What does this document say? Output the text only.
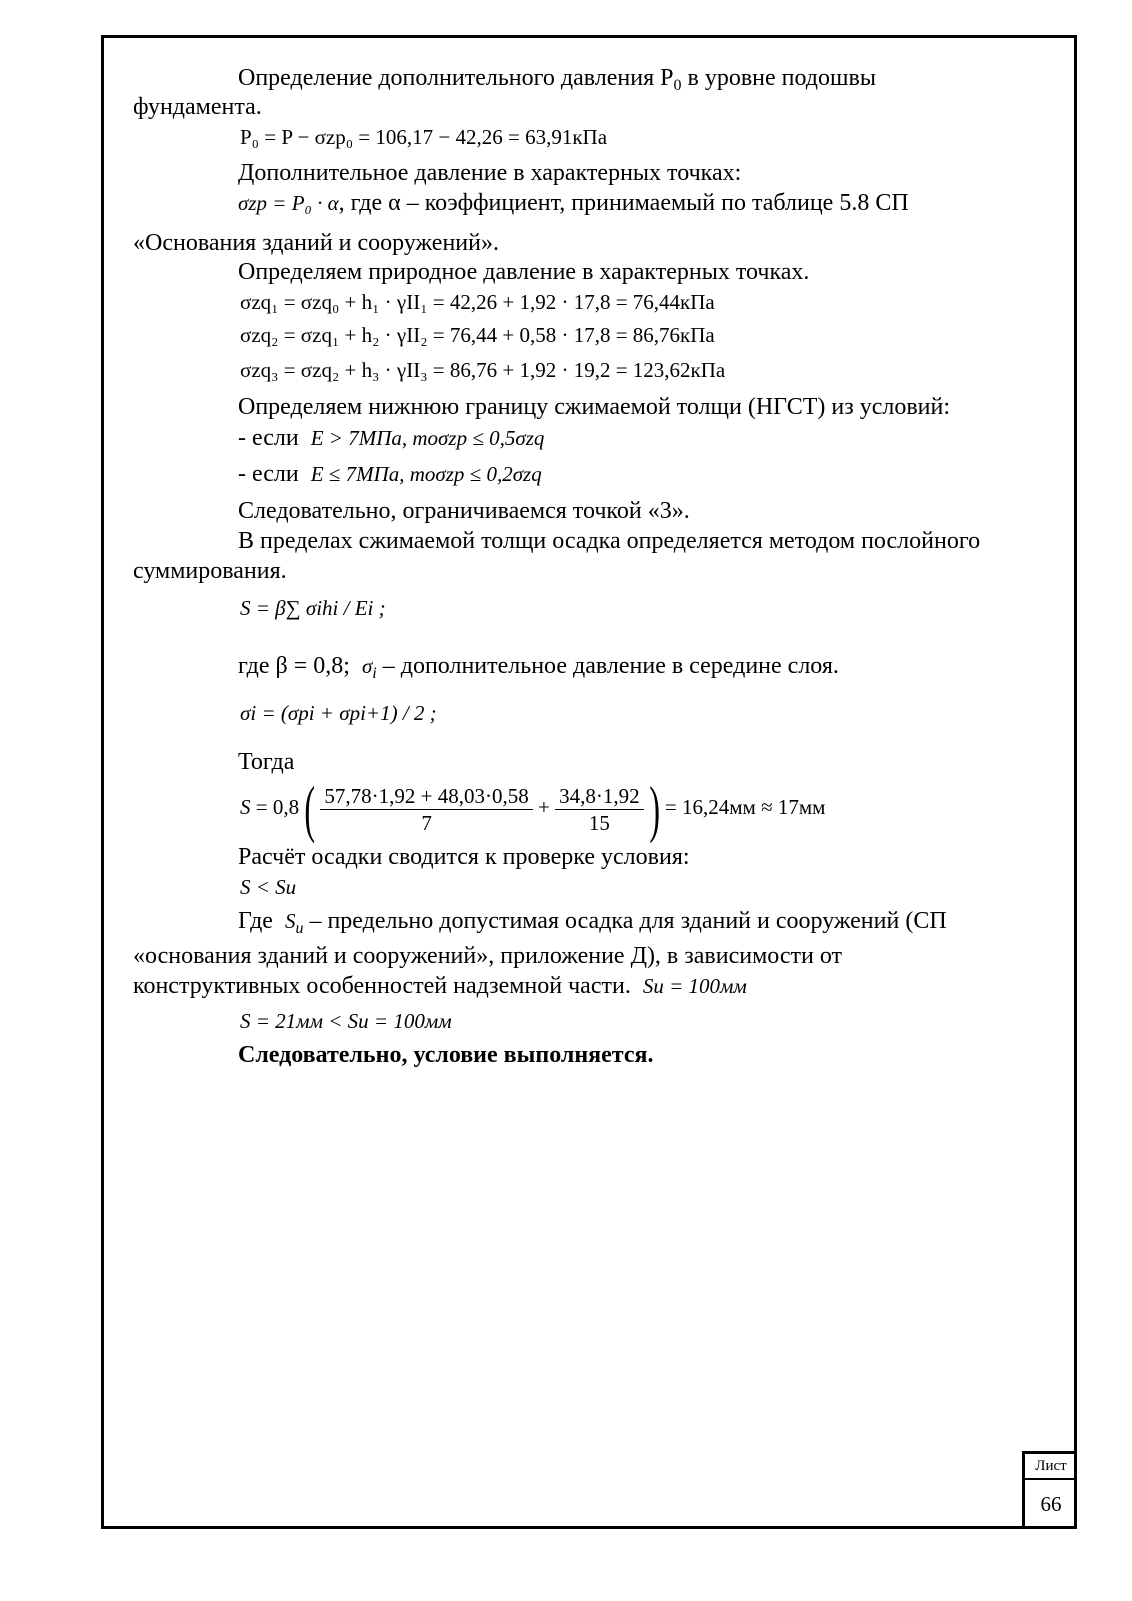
Определение дополнительного давления $P_0$ в уровне подошвы
фундамента.
P₀ = P − σzp₀ = 106,17 − 42,26 = 63,91кПа
Дополнительное давление в характерных точках:
σzp = P₀ · α, где α – коэффициент, принимаемый по таблице 5.8 СП
«Основания зданий и сооружений».
Определяем природное давление в характерных точках.
σzq₁ = σzq₀ + h₁ · γII₁ = 42,26 + 1,92 · 17,8 = 76,44кПа
σzq₂ = σzq₁ + h₂ · γII₂ = 76,44 + 0,58 · 17,8 = 86,76кПа
σzq₃ = σzq₂ + h₃ · γII₃ = 86,76 + 1,92 · 19,2 = 123,62кПа
Определяем нижнюю границу сжимаемой толщи (НГСТ) из условий:
- если E > 7МПа, тоσzp ≤ 0,5σzq
- если E ≤ 7МПа, тоσzp ≤ 0,2σzq
Следовательно, ограничиваемся точкой «3».
В пределах сжимаемой толщи осадка определяется методом послойного
суммирования.
S = β∑ σihi / Ei ;
где β = 0,8; $\sigma_i$ – дополнительное давление в середине слоя.
σi = (σpi + σpi+1) / 2 ;
Тогда
$S = 0,8( \frac{57,78\cdot 1,92 + 48,03\cdot 0,58}{7} + \frac{34,8\cdot 1,92}{15}$ ) = 16,24мм ≈ 17мм
Расчёт осадки сводится к проверке условия:
S < Su
Где $S_u$ – предельно допустимая осадка для зданий и сооружений (СП
«основания зданий и сооружений», приложение Д), в зависимости от
конструктивных особенностей надземной части. Su = 100мм
S = 21мм < Su = 100мм
Следовательно, условие выполняется.
Лист
66
